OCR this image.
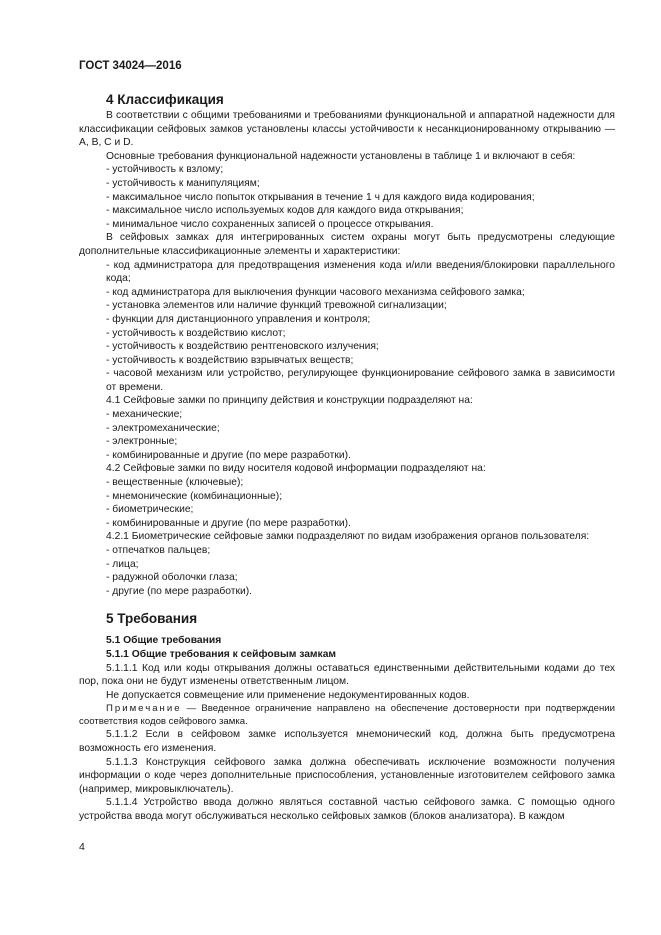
ГОСТ 34024—2016

4 Классификация

В соответствии с общими требованиями и требованиями функциональной и аппаратной надежности для классификации сейфовых замков установлены классы устойчивости к несанкционированному открыванию — А, В, С и D.

Основные требования функциональной надежности установлены в таблице 1 и включают в себя:

- устойчивость к взлому;

- устойчивость к манипуляциям;

- максимальное число попыток открывания в течение 1 ч для каждого вида кодирования;

- максимальное число используемых кодов для каждого вида открывания;

- минимальное число сохраненных записей о процессе открывания.

В сейфовых замках для интегрированных систем охраны могут быть предусмотрены следующие дополнительные классификационные элементы и характеристики:

- код администратора для предотвращения изменения кода и/или введения/блокировки параллельного кода;

- код администратора для выключения функции часового механизма сейфового замка;

- установка элементов или наличие функций тревожной сигнализации;

- функции для дистанционного управления и контроля;

- устойчивость к воздействию кислот;

- устойчивость к воздействию рентгеновского излучения;

- устойчивость к воздействию взрывчатых веществ;

- часовой механизм или устройство, регулирующее функционирование сейфового замка в зависимости от времени.

4.1 Сейфовые замки по принципу действия и конструкции подразделяют на:

- механические;

- электромеханические;

- электронные;

- комбинированные и другие (по мере разработки).

4.2 Сейфовые замки по виду носителя кодовой информации подразделяют на:

- вещественные (ключевые);

- мнемонические (комбинационные);

- биометрические;

- комбинированные и другие (по мере разработки).

4.2.1 Биометрические сейфовые замки подразделяют по видам изображения органов пользователя:

- отпечатков пальцев;

- лица;

- радужной оболочки глаза;

- другие (по мере разработки).

5 Требования

5.1 Общие требования

5.1.1 Общие требования к сейфовым замкам

5.1.1.1 Код или коды открывания должны оставаться единственными действительными кодами до тех пор, пока они не будут изменены ответственным лицом.

Не допускается совмещение или применение недокументированных кодов.

Примечание — Введенное ограничение направлено на обеспечение достоверности при подтверждении соответствия кодов сейфового замка.

5.1.1.2 Если в сейфовом замке используется мнемонический код, должна быть предусмотрена возможность его изменения.

5.1.1.3 Конструкция сейфового замка должна обеспечивать исключение возможности получения информации о коде через дополнительные приспособления, установленные изготовителем сейфового замка (например, микровыключатель).

5.1.1.4 Устройство ввода должно являться составной частью сейфового замка. С помощью одного устройства ввода могут обслуживаться несколько сейфовых замков (блоков анализатора). В каждом

4
